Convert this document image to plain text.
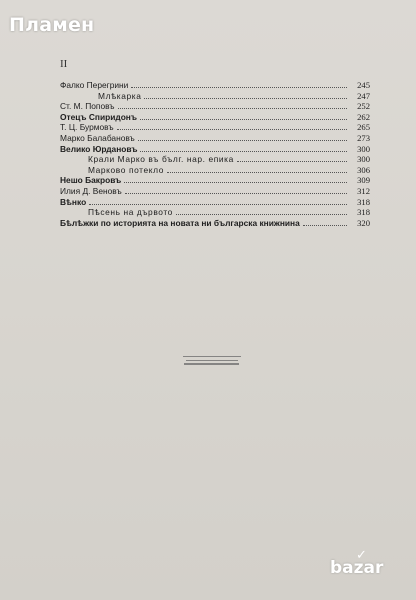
Пламен
II
Фалко Перегрини	245
Млѣкарка	247
Ст. М. Поповъ	252
Отецъ Спиридонъ	262
Т. Ц. Бурмовъ	265
Марко Балабановъ	273
Велико Юрдановъ	300
Крали Марко въ бълг. нар. епика	300
Марково потекло	306
Нешо Бакровъ	309
Илия Д. Веновъ	312
Вѣнко	318
Пѣсень на дървото	318
Бѣлѣжки по историята на новата ни българска книжнина	320
✓
bazar
